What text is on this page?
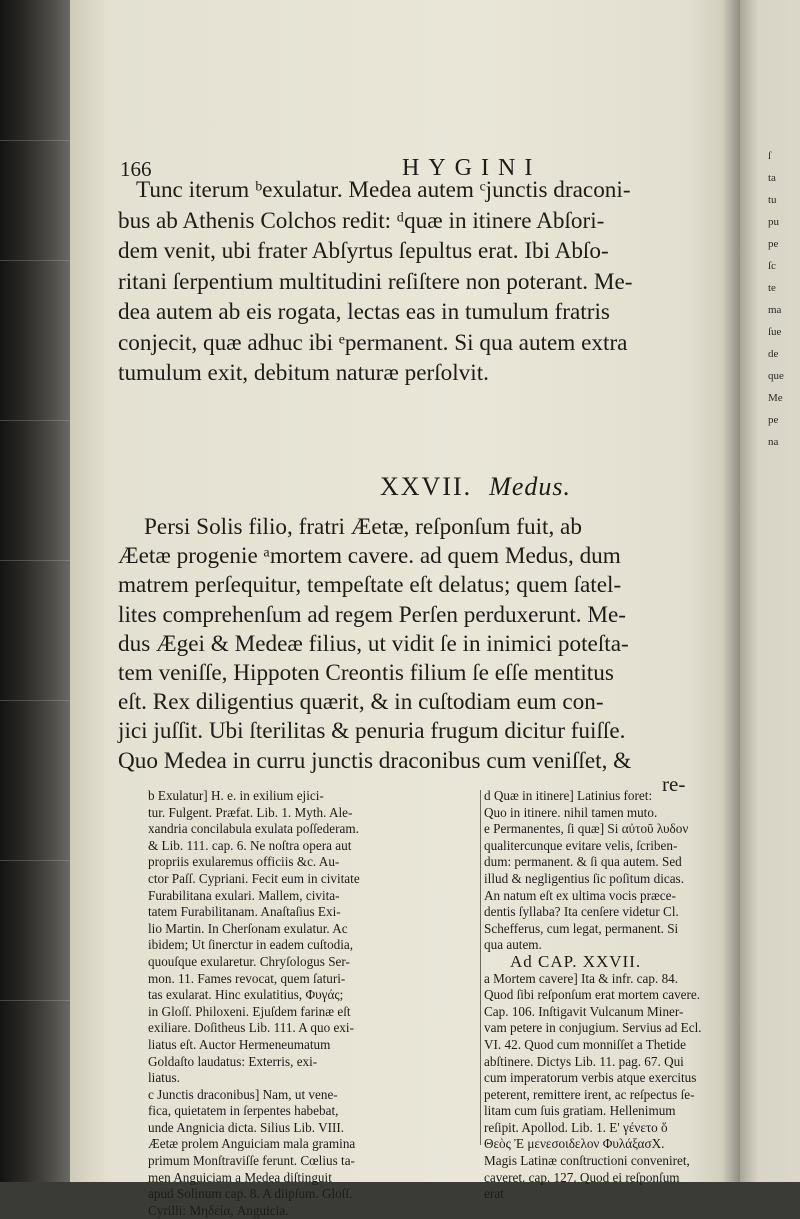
ſ
ta
tu
pu
pe
ſc
te
ma
ſue
de
que
Me
pe
na
166	HYGINI
Tunc iterum ᵇexulatur. Medea autem ᶜjunctis draconi-
bus ab Athenis Colchos redit: ᵈquæ in itinere Abſori-
dem venit, ubi frater Abſyrtus ſepultus erat. Ibi Abſo-
ritani ſerpentium multitudini reſiſtere non poterant. Me-
dea autem ab eis rogata, lectas eas in tumulum fratris
conjecit, quæ adhuc ibi ᵉpermanent. Si qua autem extra
tumulum exit, debitum naturæ perſolvit.
XXVII. Medus.
Persi Solis filio, fratri Æetæ, reſponſum fuit, ab
Æetæ progenie ᵃmortem cavere. ad quem Medus, dum
matrem perſequitur, tempeſtate eſt delatus; quem ſatel-
lites comprehenſum ad regem Perſen perduxerunt. Me-
dus Ægei & Medeæ filius, ut vidit ſe in inimici poteſta-
tem veniſſe, Hippoten Creontis filium ſe eſſe mentitus
eſt. Rex diligentius quærit, & in cuſtodiam eum con-
jici juſſit. Ubi ſterilitas & penuria frugum dicitur fuiſſe.
Quo Medea in curru junctis draconibus cum veniſſet, &
re-
b Exulatur] H. e. in exilium ejici-
tur. Fulgent. Præfat. Lib. 1. Myth. Ale-
xandria concilabula exulata poſſederam.
& Lib. 111. cap. 6. Ne noſtra opera aut
propriis exularemus officiis &c. Au-
ctor Paſſ. Cypriani. Fecit eum in civitate
Furabilitana exulari. Mallem, civita-
tatem Furabilitanam. Anaſtaſius Exi-
lio Martin. In Cherſonam exulatur. Ac
ibidem; Ut ſinerctur in eadem cuſtodia,
quouſque exularetur. Chryſologus Ser-
mon. 11. Fames revocat, quem ſaturi-
tas exularat. Hinc exulatitius, Φυγάς;
in Gloſſ. Philoxeni. Ejuſdem farinæ eſt
exiliare. Doſitheus Lib. 111. A quo exi-
liatus eſt. Auctor Hermeneumatum
Goldaſto laudatus: Exterris, exi-
liatus.
c Junctis draconibus] Nam, ut vene-
fica, quietatem in ſerpentes habebat,
unde Angnicia dicta. Silius Lib. VIII.
Æetæ prolem Anguiciam mala gramina
primum Monſtraviſſe ferunt. Cœlius ta-
men Anguiciam a Medea diſtinguit
apud Solinum cap. 8. A diipſum. Gloſſ.
Cyrilli: Μηδεία, Anguicia.
d Quæ in itinere] Latinius foret:
Quo in itinere. nihil tamen muto.
e Permanentes, ſi quæ] Si αὐτοῦ λυδον
qualitercunque evitare velis, ſcriben-
dum: permanent. & ſi qua autem. Sed
illud & negligentius ſic poſitum dicas.
An natum eſt ex ultima vocis præce-
dentis ſyllaba? Ita cenſere videtur Cl.
Schefferus, cum legat, permanent. Si
qua autem.
Ad CAP. XXVII.
a Mortem cavere] Ita & infr. cap. 84.
Quod ſibi reſponſum erat mortem cavere.
Cap. 106. Inſtigavit Vulcanum Miner-
vam petere in conjugium. Servius ad Ecl.
VI. 42. Quod cum monniſſet a Thetide
abſtinere. Dictys Lib. 11. pag. 67. Qui
cum imperatorum verbis atque exercitus
peterent, remittere irent, ac reſpectus ſe-
litam cum ſuis gratiam. Hellenimum
reſipit. Apollod. Lib. 1. Ε' γένετο ὅ
Θεὸς Ἐ μενεσοιδελον ΦυλάξασΧ.
Magis Latinæ conſtructioni conveniret,
caveret. cap. 127. Quod ei reſponſum
erat
